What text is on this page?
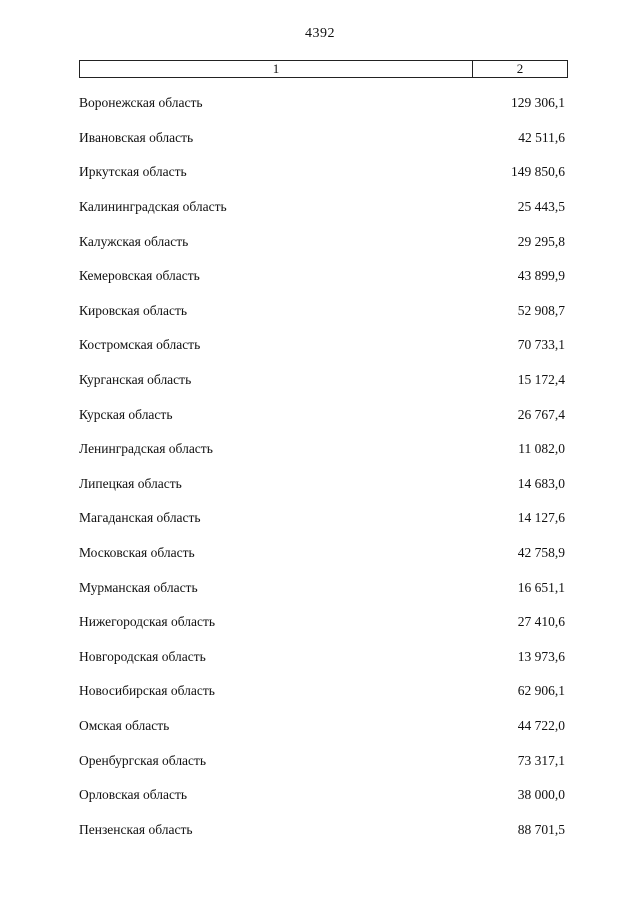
4392
1	2
Воронежская область	129 306,1
Ивановская область	42 511,6
Иркутская область	149 850,6
Калининградская область	25 443,5
Калужская область	29 295,8
Кемеровская область	43 899,9
Кировская область	52 908,7
Костромская область	70 733,1
Курганская область	15 172,4
Курская область	26 767,4
Ленинградская область	11 082,0
Липецкая область	14 683,0
Магаданская область	14 127,6
Московская область	42 758,9
Мурманская область	16 651,1
Нижегородская область	27 410,6
Новгородская область	13 973,6
Новосибирская область	62 906,1
Омская область	44 722,0
Оренбургская область	73 317,1
Орловская область	38 000,0
Пензенская область	88 701,5
